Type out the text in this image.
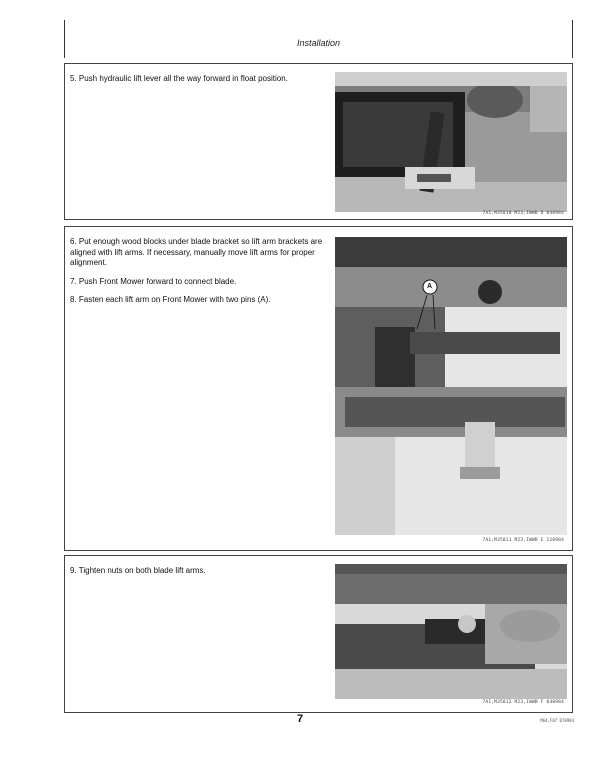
Installation

5. Push hydraulic lift lever all the way forward in float position.

7A1,M35810 M23,IWWB D 040984

6. Put enough wood blocks under blade bracket so lift arm brackets are aligned with lift arms. If necessary, manually move lift arms for proper alignment.

7. Push Front Mower forward to connect blade.

8. Fasten each lift arm on Front Mower with two pins (A).

A
7A1,M35811 M23,IWWB E 110984

9. Tighten nuts on both blade lift arms.

7A1,M35812 M23,IWWB F 040984
7	M64,F07 070984
